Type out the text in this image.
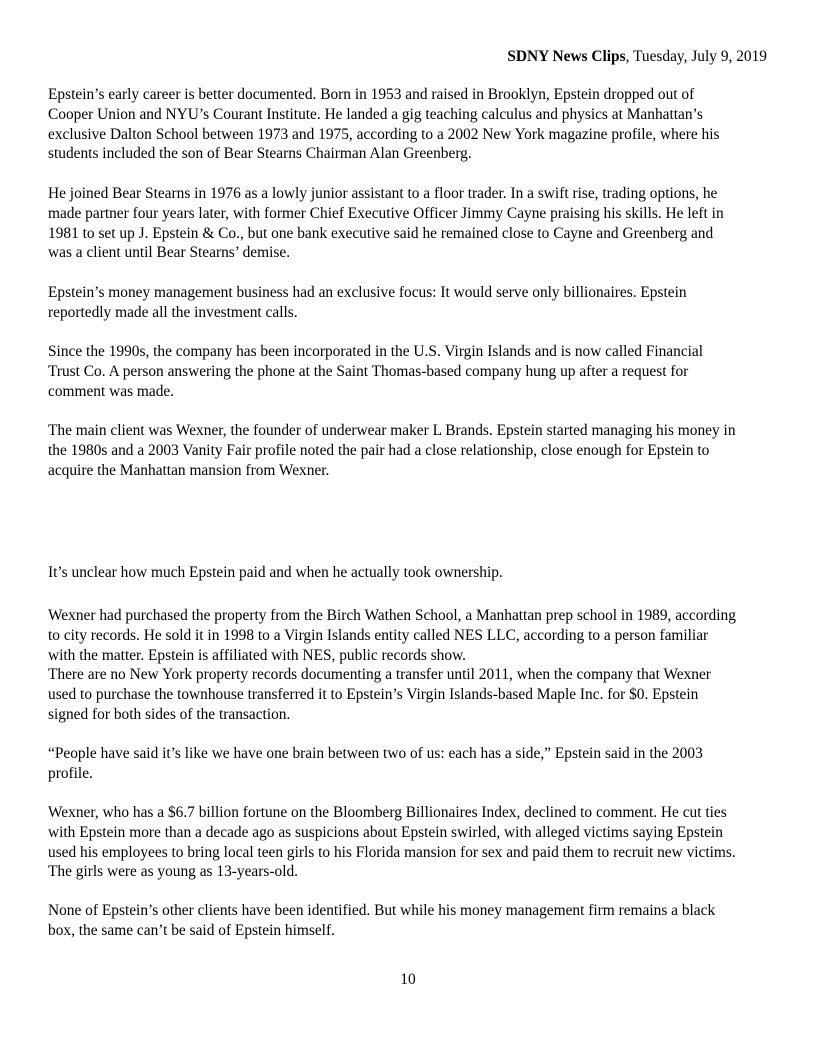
SDNY News Clips, Tuesday, July 9, 2019
Epstein’s early career is better documented. Born in 1953 and raised in Brooklyn, Epstein dropped out of
Cooper Union and NYU’s Courant Institute. He landed a gig teaching calculus and physics at Manhattan’s
exclusive Dalton School between 1973 and 1975, according to a 2002 New York magazine profile, where his
students included the son of Bear Stearns Chairman Alan Greenberg.
He joined Bear Stearns in 1976 as a lowly junior assistant to a floor trader. In a swift rise, trading options, he
made partner four years later, with former Chief Executive Officer Jimmy Cayne praising his skills. He left in
1981 to set up J. Epstein & Co., but one bank executive said he remained close to Cayne and Greenberg and
was a client until Bear Stearns’ demise.
Epstein’s money management business had an exclusive focus: It would serve only billionaires. Epstein
reportedly made all the investment calls.
Since the 1990s, the company has been incorporated in the U.S. Virgin Islands and is now called Financial
Trust Co. A person answering the phone at the Saint Thomas-based company hung up after a request for
comment was made.
The main client was Wexner, the founder of underwear maker L Brands. Epstein started managing his money in
the 1980s and a 2003 Vanity Fair profile noted the pair had a close relationship, close enough for Epstein to
acquire the Manhattan mansion from Wexner.
It’s unclear how much Epstein paid and when he actually took ownership.
Wexner had purchased the property from the Birch Wathen School, a Manhattan prep school in 1989, according
to city records. He sold it in 1998 to a Virgin Islands entity called NES LLC, according to a person familiar
with the matter. Epstein is affiliated with NES, public records show.
There are no New York property records documenting a transfer until 2011, when the company that Wexner
used to purchase the townhouse transferred it to Epstein’s Virgin Islands-based Maple Inc. for $0. Epstein
signed for both sides of the transaction.
“People have said it’s like we have one brain between two of us: each has a side,” Epstein said in the 2003
profile.
Wexner, who has a $6.7 billion fortune on the Bloomberg Billionaires Index, declined to comment. He cut ties
with Epstein more than a decade ago as suspicions about Epstein swirled, with alleged victims saying Epstein
used his employees to bring local teen girls to his Florida mansion for sex and paid them to recruit new victims.
The girls were as young as 13-years-old.
None of Epstein’s other clients have been identified. But while his money management firm remains a black
box, the same can’t be said of Epstein himself.
10
